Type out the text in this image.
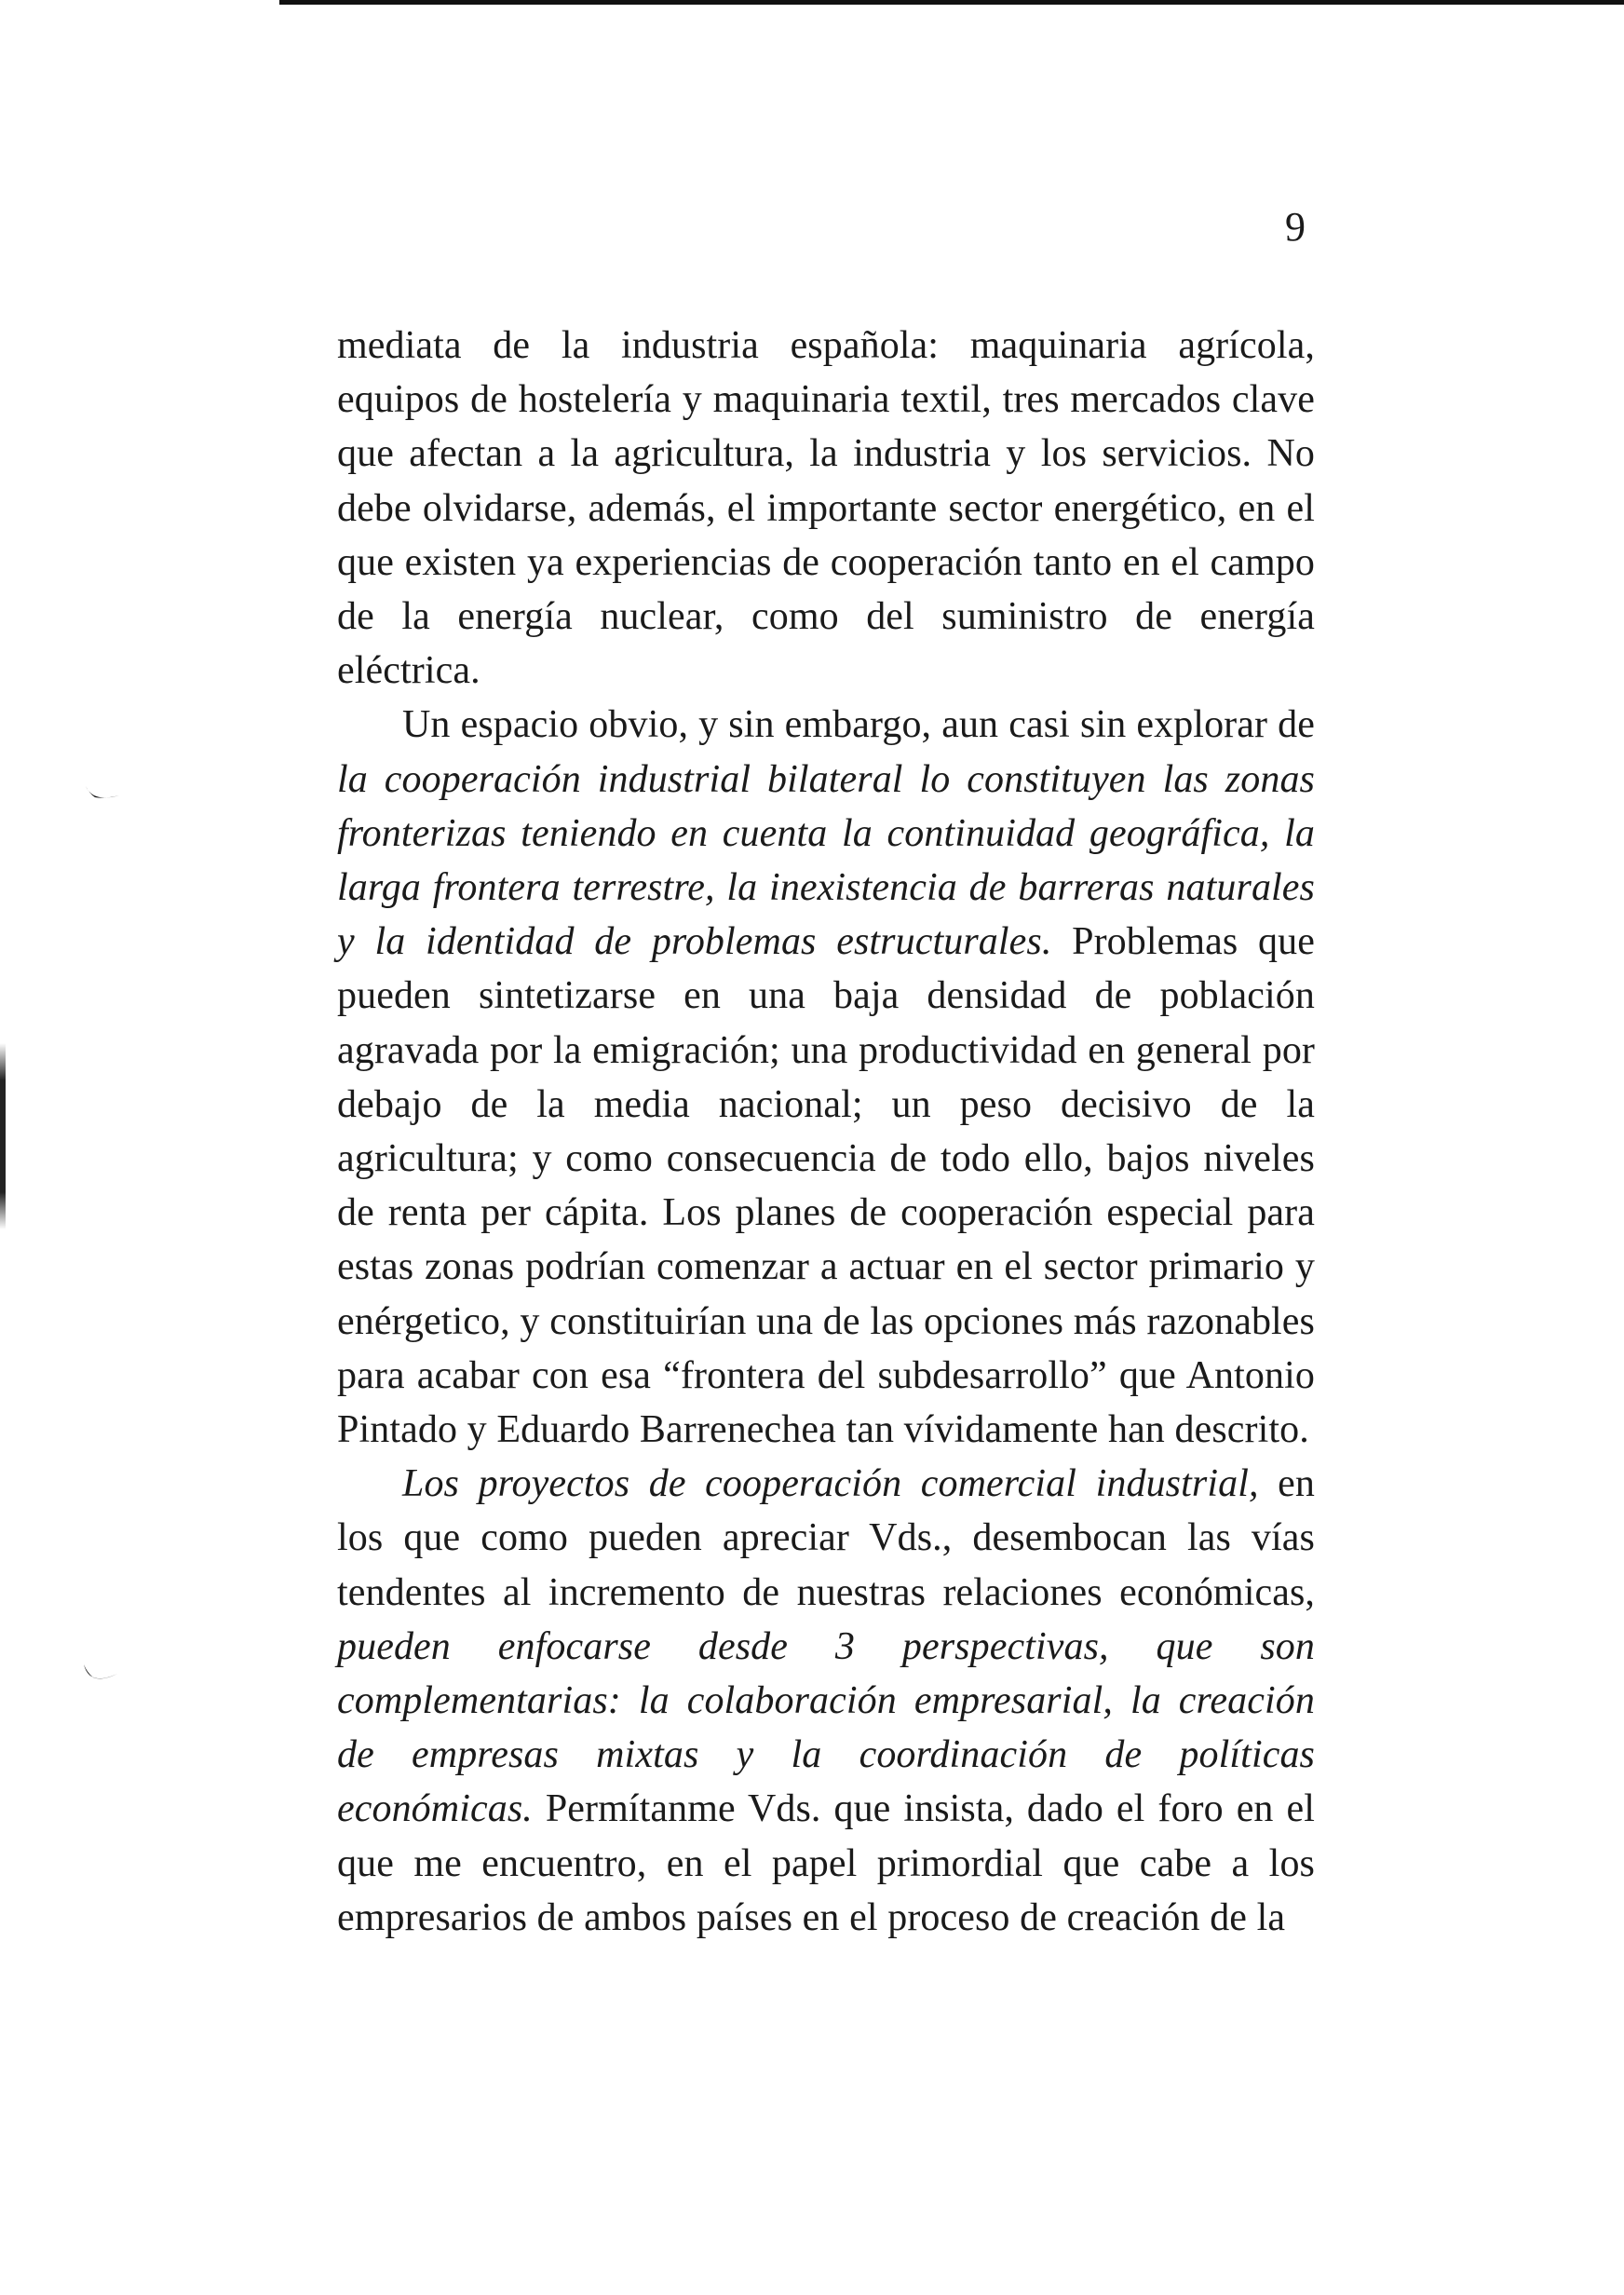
9

mediata de la industria española: maquinaria agrícola, equipos de hostelería y maquinaria textil, tres mercados clave que afectan a la agricultura, la industria y los servicios. No debe olvidarse, además, el importante sector energético, en el que existen ya experiencias de cooperación tanto en el campo de la energía nuclear, como del suministro de energía eléctrica.

Un espacio obvio, y sin embargo, aun casi sin explorar de la cooperación industrial bilateral lo constituyen las zonas fronterizas teniendo en cuenta la continuidad geográfica, la larga frontera terrestre, la inexistencia de barreras naturales y la identidad de problemas estructurales. Problemas que pueden sintetizarse en una baja densidad de población agravada por la emigración; una productividad en general por debajo de la media nacional; un peso decisivo de la agricultura; y como consecuencia de todo ello, bajos niveles de renta per cápita. Los planes de cooperación especial para estas zonas podrían comenzar a actuar en el sector primario y enérgetico, y constituirían una de las opciones más razonables para acabar con esa “frontera del subdesarrollo” que Antonio Pintado y Eduardo Barrenechea tan vívidamente han descrito.

Los proyectos de cooperación comercial industrial, en los que como pueden apreciar Vds., desembocan las vías tendentes al incremento de nuestras relaciones económicas, pueden enfocarse desde 3 perspectivas, que son complementarias: la colaboración empresarial, la creación de empresas mixtas y la coordinación de políticas económicas. Permítanme Vds. que insista, dado el foro en el que me encuentro, en el papel primordial que cabe a los empresarios de ambos países en el proceso de creación de la
